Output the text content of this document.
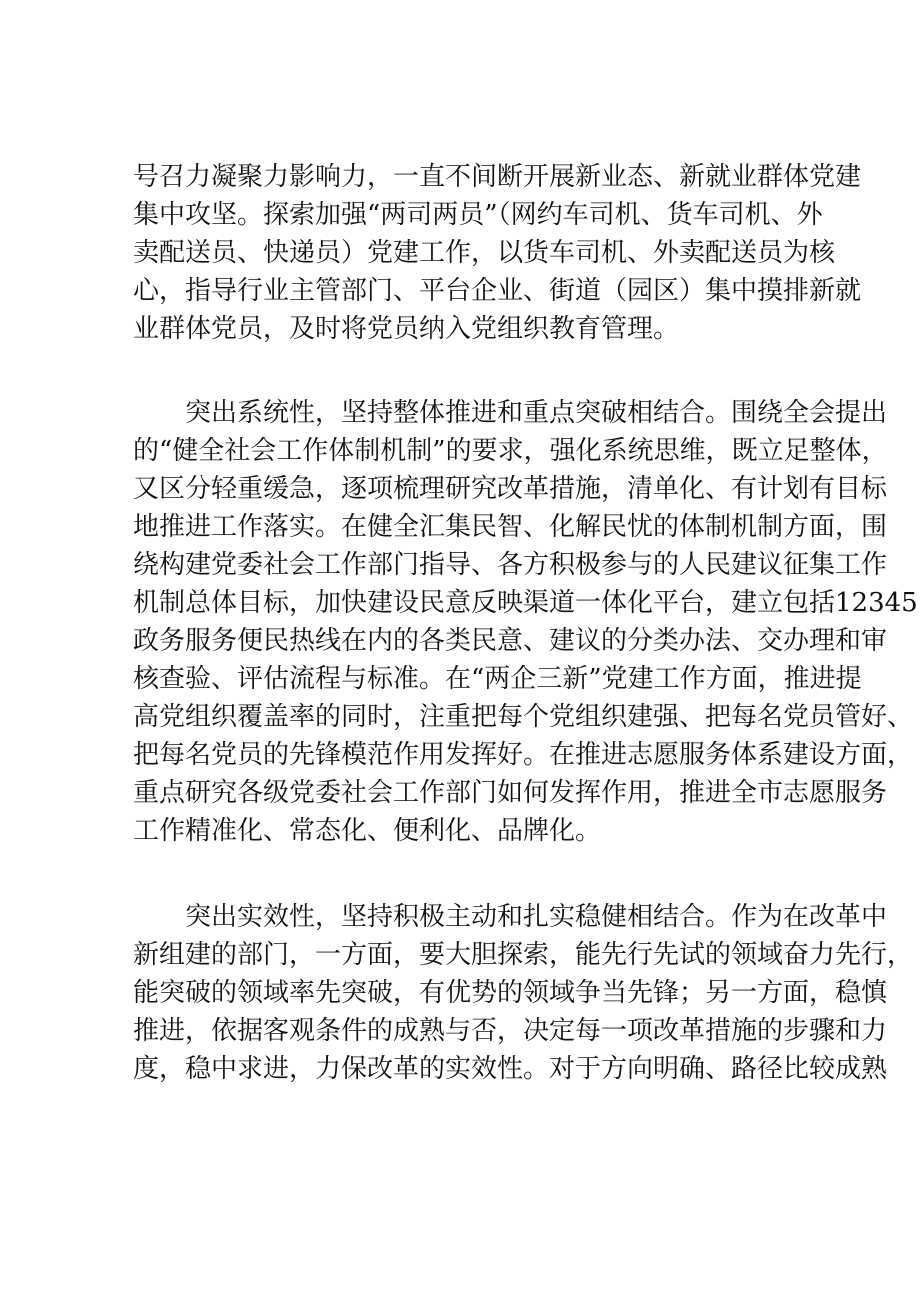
号召力凝聚力影响力，一直不间断开展新业态、新就业群体党建
集中攻坚。探索加强“两司两员”（网约车司机、货车司机、外
卖配送员、快递员）党建工作，以货车司机、外卖配送员为核
心，指导行业主管部门、平台企业、街道（园区）集中摸排新就
业群体党员，及时将党员纳入党组织教育管理。
突出系统性，坚持整体推进和重点突破相结合。围绕全会提出
的“健全社会工作体制机制”的要求，强化系统思维，既立足整体，
又区分轻重缓急，逐项梳理研究改革措施，清单化、有计划有目标
地推进工作落实。在健全汇集民智、化解民忧的体制机制方面，围
绕构建党委社会工作部门指导、各方积极参与的人民建议征集工作
机制总体目标，加快建设民意反映渠道一体化平台，建立包括12345
政务服务便民热线在内的各类民意、建议的分类办法、交办理和审
核查验、评估流程与标准。在“两企三新”党建工作方面，推进提
高党组织覆盖率的同时，注重把每个党组织建强、把每名党员管好、
把每名党员的先锋模范作用发挥好。在推进志愿服务体系建设方面，
重点研究各级党委社会工作部门如何发挥作用，推进全市志愿服务
工作精准化、常态化、便利化、品牌化。
突出实效性，坚持积极主动和扎实稳健相结合。作为在改革中
新组建的部门，一方面，要大胆探索，能先行先试的领域奋力先行，
能突破的领域率先突破，有优势的领域争当先锋；另一方面，稳慎
推进，依据客观条件的成熟与否，决定每一项改革措施的步骤和力
度，稳中求进，力保改革的实效性。对于方向明确、路径比较成熟
